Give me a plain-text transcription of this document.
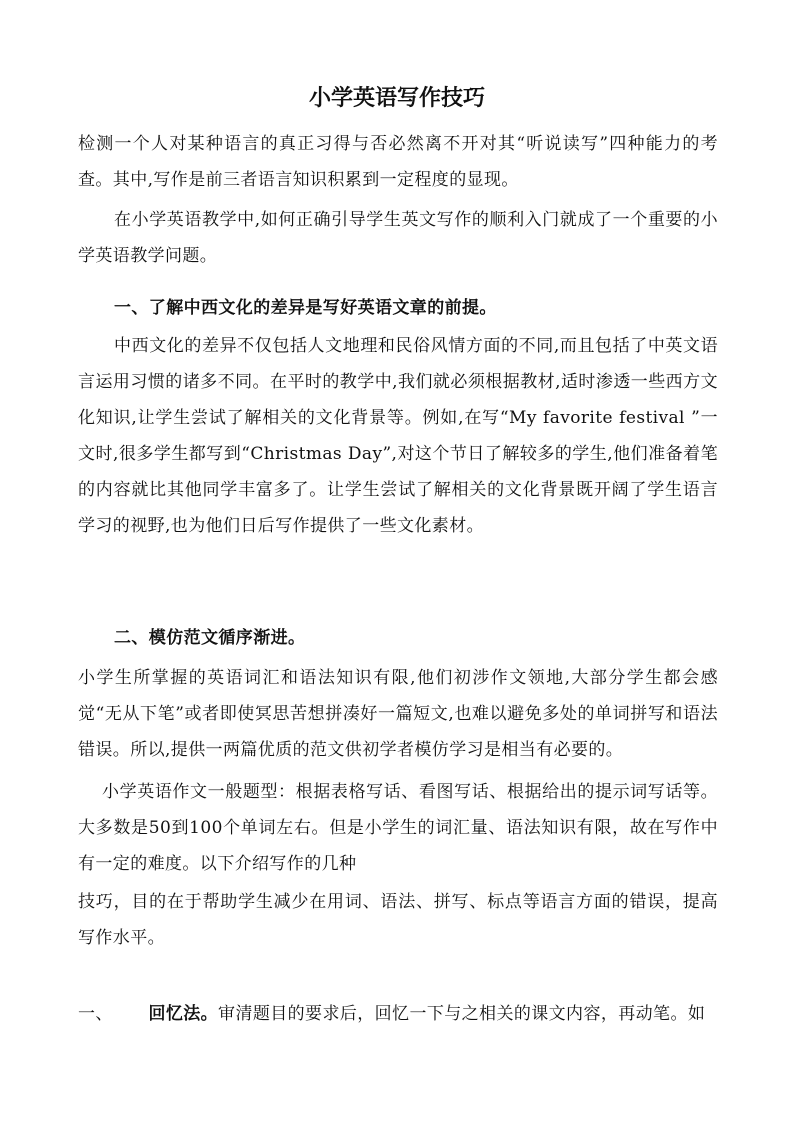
小学英语写作技巧
检测一个人对某种语言的真正习得与否必然离不开对其“听说读写”四种能力的考查。其中,写作是前三者语言知识积累到一定程度的显现。
在小学英语教学中,如何正确引导学生英文写作的顺利入门就成了一个重要的小学英语教学问题。
一、了解中西文化的差异是写好英语文章的前提。
中西文化的差异不仅包括人文地理和民俗风情方面的不同,而且包括了中英文语言运用习惯的诸多不同。在平时的教学中,我们就必须根据教材,适时渗透一些西方文化知识,让学生尝试了解相关的文化背景等。例如,在写“My favorite festival ”一文时,很多学生都写到“Christmas Day”,对这个节日了解较多的学生,他们准备着笔的内容就比其他同学丰富多了。让学生尝试了解相关的文化背景既开阔了学生语言学习的视野,也为他们日后写作提供了一些文化素材。
二、模仿范文循序渐进。
小学生所掌握的英语词汇和语法知识有限,他们初涉作文领地,大部分学生都会感觉“无从下笔”或者即使冥思苦想拼凑好一篇短文,也难以避免多处的单词拼写和语法错误。所以,提供一两篇优质的范文供初学者模仿学习是相当有必要的。
小学英语作文一般题型：根据表格写话、看图写话、根据给出的提示词写话等。大多数是50到100个单词左右。但是小学生的词汇量、语法知识有限，故在写作中有一定的难度。以下介绍写作的几种
技巧，目的在于帮助学生减少在用词、语法、拼写、标点等语言方面的错误，提高写作水平。
一、 回忆法。审清题目的要求后，回忆一下与之相关的课文内容，再动笔。如
